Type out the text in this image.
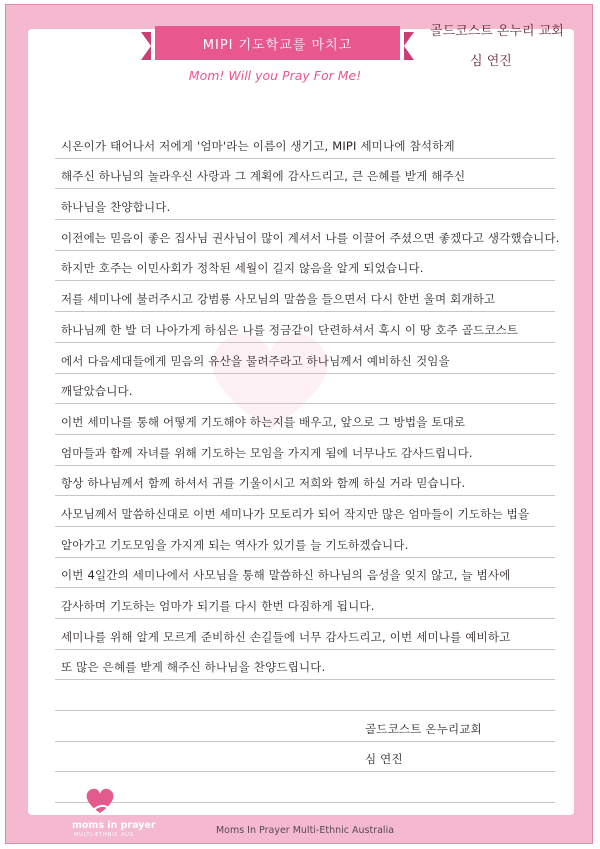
골드코스트 온누리 교회
심 연진
MIPI 기도학교를 마치고
Mom! Will you Pray For Me!
시온이가 태어나서 저에게 '엄마'라는 이름이 생기고, MIPI 세미나에 참석하게
해주신 하나님의 놀라우신 사랑과 그 계획에 감사드리고, 큰 은혜를 받게 해주신
하나님을 찬양합니다.
이전에는 믿음이 좋은 집사님 권사님이 많이 계셔서 나를 이끌어 주셨으면 좋겠다고 생각했습니다.
하지만 호주는 이민사회가 정착된 세월이 길지 않음을 알게 되었습니다.
저를 세미나에 불러주시고 강범룡 사모님의 말씀을 들으면서 다시 한번 울며 회개하고
하나님께 한 발 더 나아가게 하심은 나를 정금같이 단련하셔서 혹시 이 땅 호주 골드코스트
에서 다음세대들에게 믿음의 유산을 물려주라고 하나님께서 예비하신 것임을
깨달았습니다.
이번 세미나를 통해 어떻게 기도해야 하는지를 배우고, 앞으로 그 방법을 토대로
엄마들과 함께 자녀를 위해 기도하는 모임을 가지게 됨에 너무나도 감사드립니다.
항상 하나님께서 함께 하셔서 귀를 기울이시고 저희와 함께 하실 거라 믿습니다.
사모님께서 말씀하신대로 이번 세미나가 모토리가 되어 작지만 많은 엄마들이 기도하는 법을
알아가고 기도모임을 가지게 되는 역사가 있기를 늘 기도하겠습니다.
이번 4일간의 세미나에서 사모님을 통해 말씀하신 하나님의 음성을 잊지 않고, 늘 범사에
감사하며 기도하는 엄마가 되기를 다시 한번 다짐하게 됩니다.
세미나를 위해 알게 모르게 준비하신 손길들에 너무 감사드리고, 이번 세미나를 예비하고
또 많은 은혜를 받게 해주신 하나님을 찬양드립니다.
골드코스트 온누리교회
심 연진
moms in prayer
MULTI-ETHNIC AUS	Moms In Prayer Multi-Ethnic Australia
